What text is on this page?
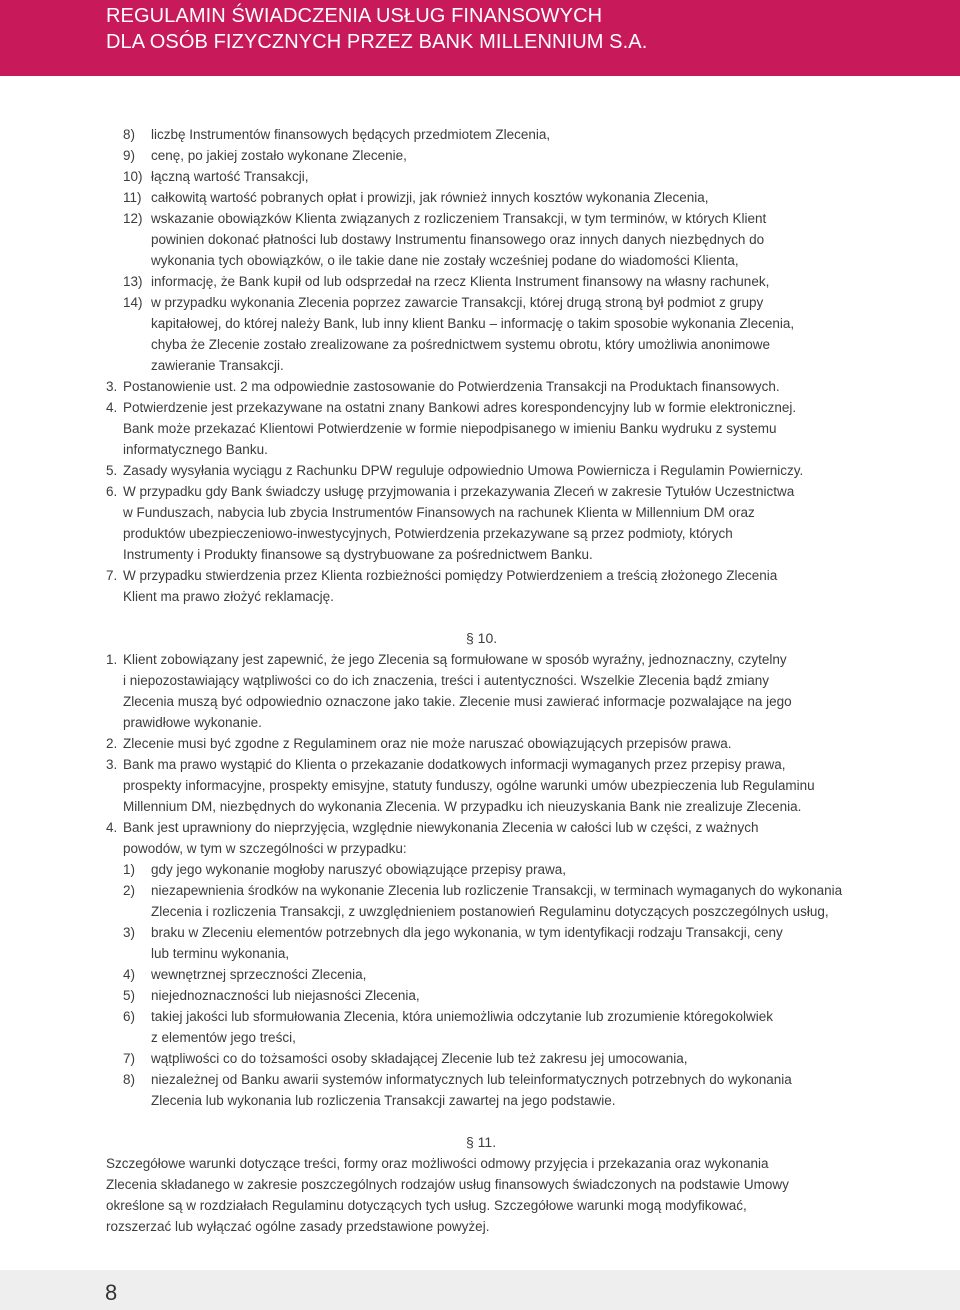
REGULAMIN ŚWIADCZENIA USŁUG FINANSOWYCH
DLA OSÓB FIZYCZNYCH PRZEZ BANK MILLENNIUM S.A.
8) liczbę Instrumentów finansowych będących przedmiotem Zlecenia,
9) cenę, po jakiej zostało wykonane Zlecenie,
10) łączną wartość Transakcji,
11) całkowitą wartość pobranych opłat i prowizji, jak również innych kosztów wykonania Zlecenia,
12) wskazanie obowiązków Klienta związanych z rozliczeniem Transakcji, w tym terminów, w których Klient
powinien dokonać płatności lub dostawy Instrumentu finansowego oraz innych danych niezbędnych do
wykonania tych obowiązków, o ile takie dane nie zostały wcześniej podane do wiadomości Klienta,
13) informację, że Bank kupił od lub odsprzedał na rzecz Klienta Instrument finansowy na własny rachunek,
14) w przypadku wykonania Zlecenia poprzez zawarcie Transakcji, której drugą stroną był podmiot z grupy
kapitałowej, do której należy Bank, lub inny klient Banku – informację o takim sposobie wykonania Zlecenia,
chyba że Zlecenie zostało zrealizowane za pośrednictwem systemu obrotu, który umożliwia anonimowe
zawieranie Transakcji.
3. Postanowienie ust. 2 ma odpowiednie zastosowanie do Potwierdzenia Transakcji na Produktach finansowych.
4. Potwierdzenie jest przekazywane na ostatni znany Bankowi adres korespondencyjny lub w formie elektronicznej.
Bank może przekazać Klientowi Potwierdzenie w formie niepodpisanego w imieniu Banku wydruku z systemu
informatycznego Banku.
5. Zasady wysyłania wyciągu z Rachunku DPW reguluje odpowiednio Umowa Powiernicza i Regulamin Powierniczy.
6. W przypadku gdy Bank świadczy usługę przyjmowania i przekazywania Zleceń w zakresie Tytułów Uczestnictwa
w Funduszach, nabycia lub zbycia Instrumentów Finansowych na rachunek Klienta w Millennium DM oraz
produktów ubezpieczeniowo-inwestycyjnych, Potwierdzenia przekazywane są przez podmioty, których
Instrumenty i Produkty finansowe są dystrybuowane za pośrednictwem Banku.
7. W przypadku stwierdzenia przez Klienta rozbieżności pomiędzy Potwierdzeniem a treścią złożonego Zlecenia
Klient ma prawo złożyć reklamację.
§ 10.
1. Klient zobowiązany jest zapewnić, że jego Zlecenia są formułowane w sposób wyraźny, jednoznaczny, czytelny
i niepozostawiający wątpliwości co do ich znaczenia, treści i autentyczności. Wszelkie Zlecenia bądź zmiany
Zlecenia muszą być odpowiednio oznaczone jako takie. Zlecenie musi zawierać informacje pozwalające na jego
prawidłowe wykonanie.
2. Zlecenie musi być zgodne z Regulaminem oraz nie może naruszać obowiązujących przepisów prawa.
3. Bank ma prawo wystąpić do Klienta o przekazanie dodatkowych informacji wymaganych przez przepisy prawa,
prospekty informacyjne, prospekty emisyjne, statuty funduszy, ogólne warunki umów ubezpieczenia lub Regulaminu
Millennium DM, niezbędnych do wykonania Zlecenia. W przypadku ich nieuzyskania Bank nie zrealizuje Zlecenia.
4. Bank jest uprawniony do nieprzyjęcia, względnie niewykonania Zlecenia w całości lub w części, z ważnych
powodów, w tym w szczególności w przypadku:
1) gdy jego wykonanie mogłoby naruszyć obowiązujące przepisy prawa,
2) niezapewnienia środków na wykonanie Zlecenia lub rozliczenie Transakcji, w terminach wymaganych do wykonania
Zlecenia i rozliczenia Transakcji, z uwzględnieniem postanowień Regulaminu dotyczących poszczególnych usług,
3) braku w Zleceniu elementów potrzebnych dla jego wykonania, w tym identyfikacji rodzaju Transakcji, ceny
lub terminu wykonania,
4) wewnętrznej sprzeczności Zlecenia,
5) niejednoznaczności lub niejasności Zlecenia,
6) takiej jakości lub sformułowania Zlecenia, która uniemożliwia odczytanie lub zrozumienie któregokolwiek
z elementów jego treści,
7) wątpliwości co do tożsamości osoby składającej Zlecenie lub też zakresu jej umocowania,
8) niezależnej od Banku awarii systemów informatycznych lub teleinformatycznych potrzebnych do wykonania
Zlecenia lub wykonania lub rozliczenia Transakcji zawartej na jego podstawie.
§ 11.
Szczegółowe warunki dotyczące treści, formy oraz możliwości odmowy przyjęcia i przekazania oraz wykonania
Zlecenia składanego w zakresie poszczególnych rodzajów usług finansowych świadczonych na podstawie Umowy
określone są w rozdziałach Regulaminu dotyczących tych usług. Szczegółowe warunki mogą modyfikować,
rozszerzać lub wyłączać ogólne zasady przedstawione powyżej.
8
